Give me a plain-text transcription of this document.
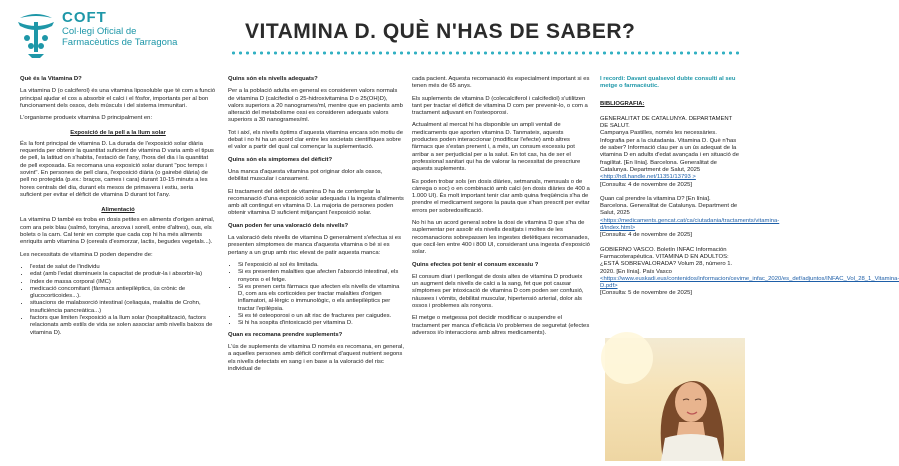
COFT
Col·legi Oficial de
Farmacèutics de Tarragona	VITAMINA D. QUÈ N'HAS DE SABER?

Què és la Vitamina D?

La vitamina D (o calciferol) és una vitamina liposoluble que té com a funció principal ajudar el cos a absorbir el calci i el fòsfor, importants per al bon funcionament dels ossos, dels músculs i del sistema immunitari.

L'organisme produeix vitamina D principalment en:

Exposició de la pell a la llum solar

És la font principal de vitamina D. La durada de l'exposició solar diària requerida per obtenir la quantitat suficient de vitamina D varia amb el tipus de pell, la latitud on s'habita, l'estació de l'any, l'hora del dia i la quantitat de pell exposada. Es recomana una exposició solar durant "poc temps i sovint". En persones de pell clara, l'exposició diària (o gairebé diària) de pell no protegida (p.ex.: braços, cames i cara) durant 10-15 minuts a les hores centrals del dia, durant els mesos de primavera i estiu, seria suficient per evitar el dèficit de vitamina D durant tot l'any.

Alimentació

La vitamina D també es troba en dosis petites en aliments d'origen animal, com ara peix blau (salmó, tonyina, anxova i sorell, entre d'altres), ous, els bolets o la carn. Cal tenir en compte que cada cop hi ha més aliments enriquits amb vitamina D (cereals d'esmorzar, lactis, begudes vegetals...).

Les necessitats de vitamina D poden dependre de:

• l'estat de salut de l'individu
• edat (amb l'edat disminueix la capacitat de produir-la i absorbir-la)
• índex de massa corporal (IMC)
• medicació concomitant (fàrmacs antiepilèptics, ús crònic de glucocorticoides...).
• situacions de malabsorció intestinal (celiaquia, malaltia de Crohn, insuficiència pancreàtica...)
• factors que limiten l'exposició a la llum solar (hospitalització, factors relacionats amb estils de vida se solen associar amb nivells baixos de vitamina D).

Quins són els nivells adequats?

Per a la població adulta en general es consideren valors normals de vitamina D (calcifediol o 25-hidroxivitamina D o 25(OH)D), valors superiors a 20 nanogrames/ml, mentre que en pacients amb alteració del metabolisme ossi es consideren adequats valors superiors a 30 nanogrames/ml.

Tot i així, els nivells òptims d'aquesta vitamina encara són motiu de debat i no hi ha un acord clar entre les societats científiques sobre el valor a partir del qual cal començar la suplementació.

Quins són els símptomes del dèficit?

Una manca d'aquesta vitamina pot originar dolor als ossos, debilitat muscular i cansament.

El tractament del dèficit de vitamina D ha de contemplar la recomanació d'una exposició solar adequada i la ingesta d'aliments amb alt contingut en vitamina D. La majoria de persones poden obtenir vitamina D suficient mitjançant l'exposició solar.

Quan poden fer una valoració dels nivells?

La valoració dels nivells de vitamina D generalment s'efectua si es presenten símptomes de manca d'aquesta vitamina o bé si es pertany a un grup amb risc elevat de patir aquesta manca:

• Si l'exposició al sol és limitada.
• Si es presenten malalties que afecten l'absorció intestinal, els ronyons o el fetge.
• Si es prenen certs fàrmacs que afecten els nivells de vitamina D, com ara els corticoides per tractar malalties d'origen inflamatori, al·lèrgic o immunològic, o els antiepilèptics per tractar l'epilèpsia.
• Si es té osteoporosi o un alt risc de fractures per caigudes.
• Si hi ha sospita d'intoxicació per vitamina D.

Quan es recomana prendre suplements?

L'ús de suplements de vitamina D només es recomana, en general, a aquelles persones amb dèficit confirmat d'aquest nutrient segons els nivells detectats en sang i en base a la valoració del risc individual de

cada pacient. Aquesta recomanació és especialment important si es tenen més de 65 anys.

Els suplements de vitamina D (colecalciferol i calcifediol) s'utilitzen tant per tractar el dèficit de vitamina D com per prevenir-lo, o com a tractament adjuvant en l'osteoporosi.

Actualment al mercat hi ha disponible un ampli ventall de medicaments que aporten vitamina D. Tanmateix, aquests productes poden interaccionar (modificar l'efecte) amb altres fàrmacs que s'estan prenent i, a més, un consum excessiu pot arribar a ser perjudicial per a la salut. En tot cas, ha de ser el professional sanitari qui ha de valorar la necessitat de prescriure aquests suplements.

Es poden trobar sols (en dosis diàries, setmanals, mensuals o de càrrega o xoc) o en combinació amb calci (en dosis diàries de 400 a 1.000 UI). És molt important tenir clar amb quina freqüència s'ha de prendre el medicament segons la pauta que s'han prescrit per evitar errors per sobredosificació.

No hi ha un acord general sobre la dosi de vitamina D que s'ha de suplementar per assolir els nivells desitjats i moltes de les recomanacions sobrepassen les ingestes dietètiques recomanades, que oscil·len entre 400 i 800 UI, considerant una ingesta d'exposició solar.

Quins efectes pot tenir el consum excessiu ?

El consum diari i perllongat de dosis altes de vitamina D produeix un augment dels nivells de calci a la sang, fet que pot causar símptomes per intoxicació de vitamina D com poden ser confusió, nàusees i vòmits, debilitat muscular, hipertensió arterial, dolor als ossos i problemes als ronyons.

El metge o metgessa pot decidir modificar o suspendre el tractament per manca d'eficàcia i/o problemes de seguretat (efectes adversos i/o interaccions amb altres medicaments).

I recordi: Davant qualsevol dubte consulti al seu metge o farmacèutic.

BIBLIOGRAFIA:

GENERALITAT DE CATALUNYA. DEPARTAMENT DE SALUT.
Campanya Pastilles, només les necessàries. Infografia per a la ciutadania. Vitamina D. Què n'has de saber? Informació clau per a un ús adequat de la vitamina D en adults d'edat avançada i en situació de fragilitat. [En línia]. Barcelona. Generalitat de Catalunya. Department de Salut, 2025
<http://hdl.handle.net/11351/13793 >
[Consulta: 4 de novembre de 2025]
Quan cal prendre la vitamina D? [En línia]. Barcelona. Generalitat de Catalunya. Department de Salut, 2025
<https://medicaments.gencat.cat/ca/ciutadania/tractaments/vitamina-d/index.html>
[Consulta: 4 de novembre de 2025]
GOBIERNO VASCO. Boletín INFAC Información Farmacoterapéutica. VITAMINA D EN ADULTOS: ¿ESTÁ SOBREVALORADA? Volum 28, número 1. 2020. [En línia]. País Vasco
<https://www.euskadi.eus/contenidos/informacion/cevime_infac_2020/es_def/adjuntos/INFAC_Vol_28_1_Vitamina-D.pdf>
[Consulta: 5 de novembre de 2025]
